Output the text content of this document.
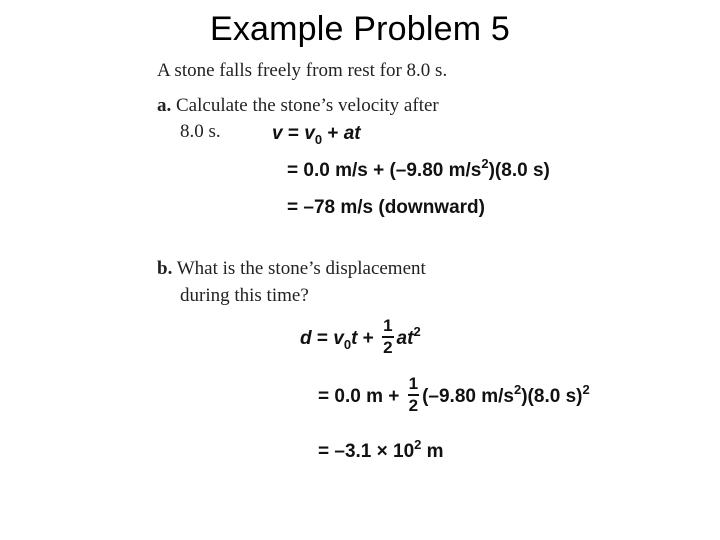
Example Problem 5
A stone falls freely from rest for 8.0 s.
a. Calculate the stone’s velocity after
8.0 s.	$v = v_0$ + at
= 0.0 m/s + (–9.80 $m/s^2)(8.0$ s)
= –78 m/s (downward)
b. What is the stone’s displacement
during this time?
$d = v_0t + \frac{1}{2} at^2$
= 0.0 $m + \frac{1}{2} (-9.80$ $m/s^2)(8.0$ s)$^2$
= $-3.1 \times 10^2$ m
